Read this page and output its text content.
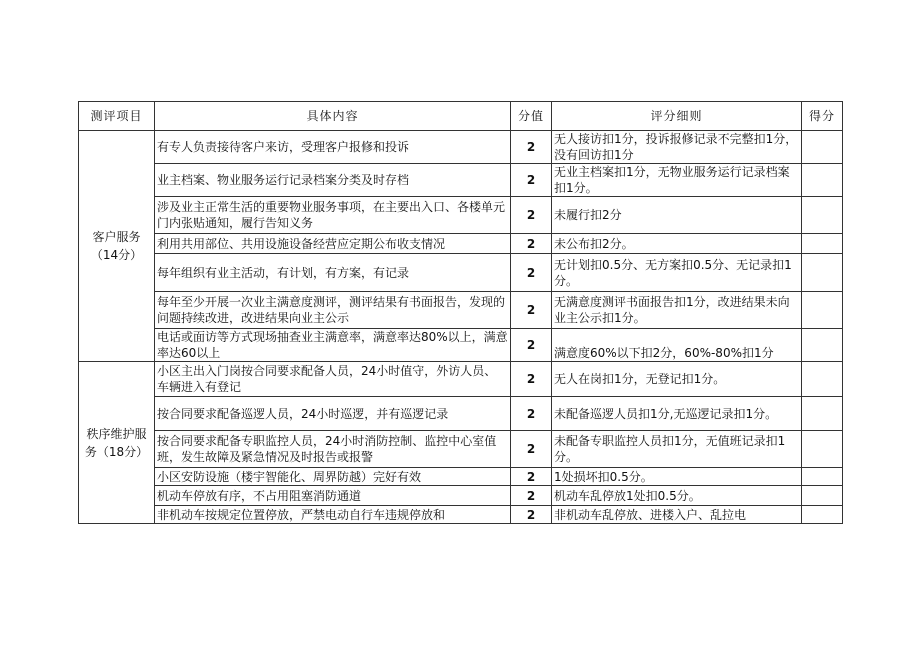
测评项目	具体内容	分值	评分细则	得分

客户服务
（14分）	有专人负责接待客户来访，受理客户报修和投诉	2	无人接访扣1分，投诉报修记录不完整扣1分，没有回访扣1分	
	业主档案、物业服务运行记录档案分类及时存档	2	无业主档案扣1分，无物业服务运行记录档案扣1分。	
	涉及业主正常生活的重要物业服务事项，在主要出入口、各楼单元门内张贴通知，履行告知义务	2	未履行扣2分	
	利用共用部位、共用设施设备经营应定期公布收支情况	2	未公布扣2分。	
	每年组织有业主活动，有计划，有方案，有记录	2	无计划扣0.5分、无方案扣0.5分、无记录扣1分。	
	每年至少开展一次业主满意度测评，测评结果有书面报告，发现的问题持续改进，改进结果向业主公示	2	无满意度测评书面报告扣1分，改进结果未向业主公示扣1分。	
	电话或面访等方式现场抽查业主满意率，满意率达80%以上，满意率达60以上	2	满意度60%以下扣2分，60%-80%扣1分	

秩序维护服
务（18分）	小区主出入门岗按合同要求配备人员，24小时值守，外访人员、车辆进入有登记	2	无人在岗扣1分，无登记扣1分。	
	按合同要求配备巡逻人员，24小时巡逻，并有巡逻记录	2	未配备巡逻人员扣1分,无巡逻记录扣1分。	
	按合同要求配备专职监控人员，24小时消防控制、监控中心室值班，发生故障及紧急情况及时报告或报警	2	未配备专职监控人员扣1分，无值班记录扣1分。	
	小区安防设施（楼宇智能化、周界防越）完好有效	2	1处损坏扣0.5分。	
	机动车停放有序，不占用阻塞消防通道	2	机动车乱停放1处扣0.5分。	
	非机动车按规定位置停放，严禁电动自行车违规停放和	2	非机动车乱停放、进楼入户、乱拉电	
